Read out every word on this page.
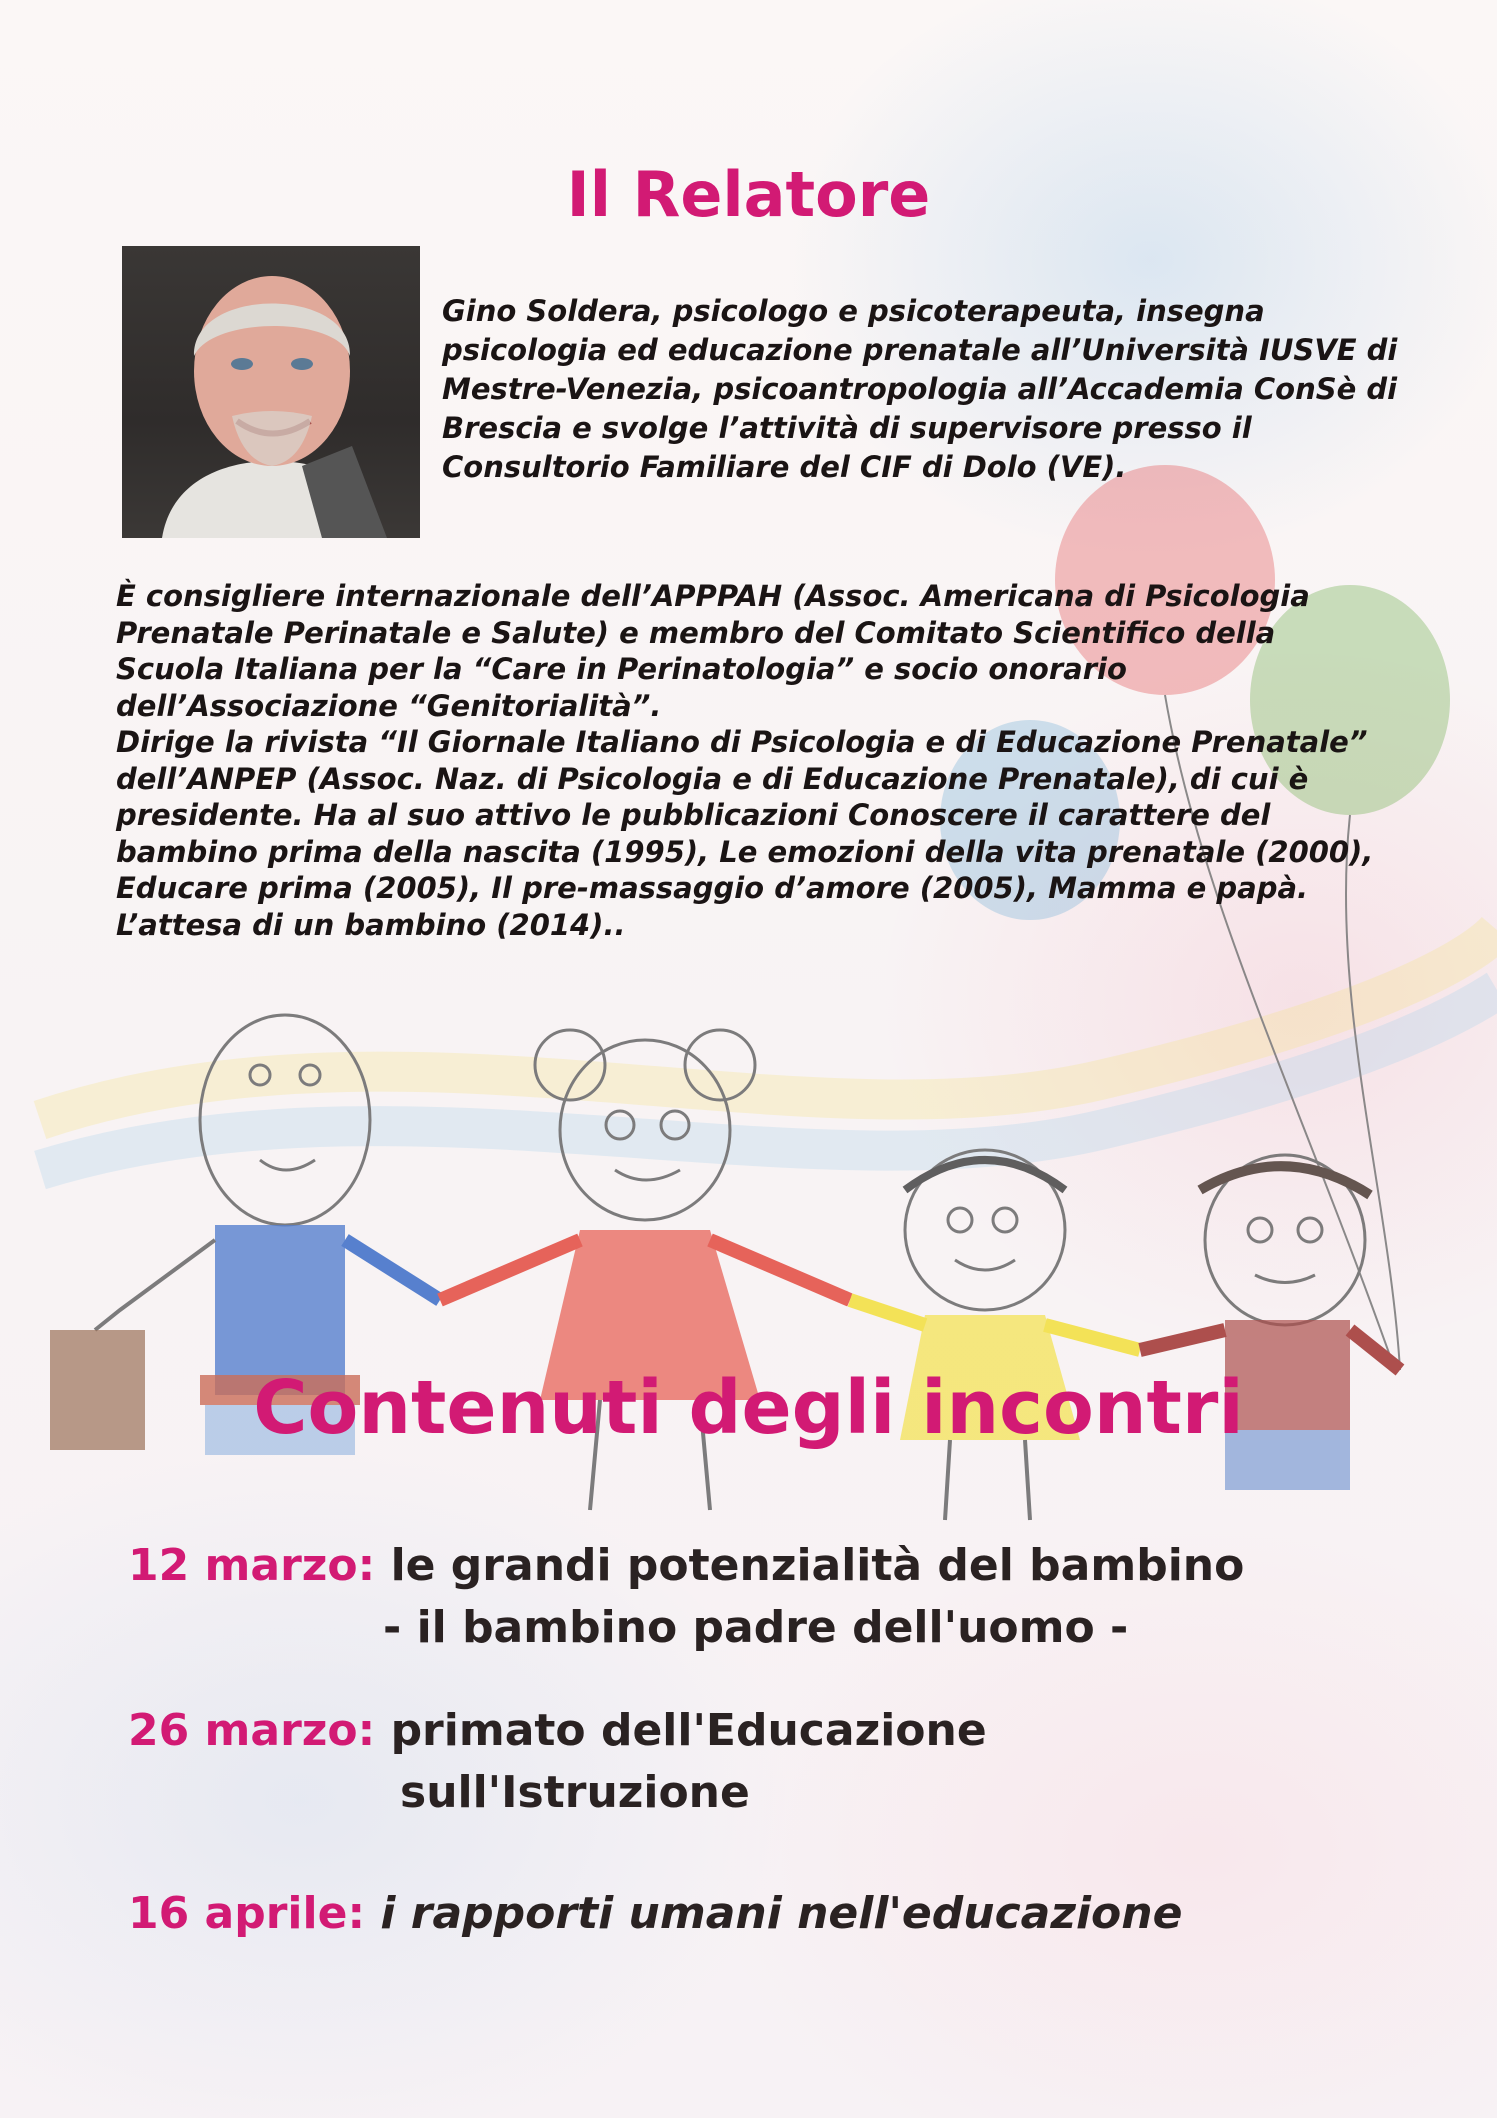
Il Relatore

Gino Soldera, psicologo e psicoterapeuta, insegna psicologia ed educazione prenatale all’Università IUSVE di Mestre-Venezia, psicoantropologia all’Accademia ConSè di Brescia e svolge l’attività di supervisore presso il Consultorio Familiare del CIF di Dolo (VE).

È consigliere internazionale dell’APPPAH (Assoc. Americana di Psicologia Prenatale Perinatale e Salute) e membro del Comitato Scientifico della Scuola Italiana per la “Care in Perinatologia” e socio onorario dell’Associazione “Genitorialità”.

Dirige la rivista “Il Giornale Italiano di Psicologia e di Educazione Prenatale” dell’ANPEP (Assoc. Naz. di Psicologia e di Educazione Prenatale), di cui è presidente. Ha al suo attivo le pubblicazioni Conoscere il carattere del bambino prima della nascita (1995), Le emozioni della vita prenatale (2000), Educare prima (2005), Il pre-massaggio d’amore (2005), Mamma e papà. L’attesa di un bambino (2014)..

Contenuti degli incontri
12 marzo: le grandi potenzialità del bambino
- il bambino padre dell'uomo -
26 marzo: primato dell'Educazione
sull'Istruzione
16 aprile: i rapporti umani nell'educazione
